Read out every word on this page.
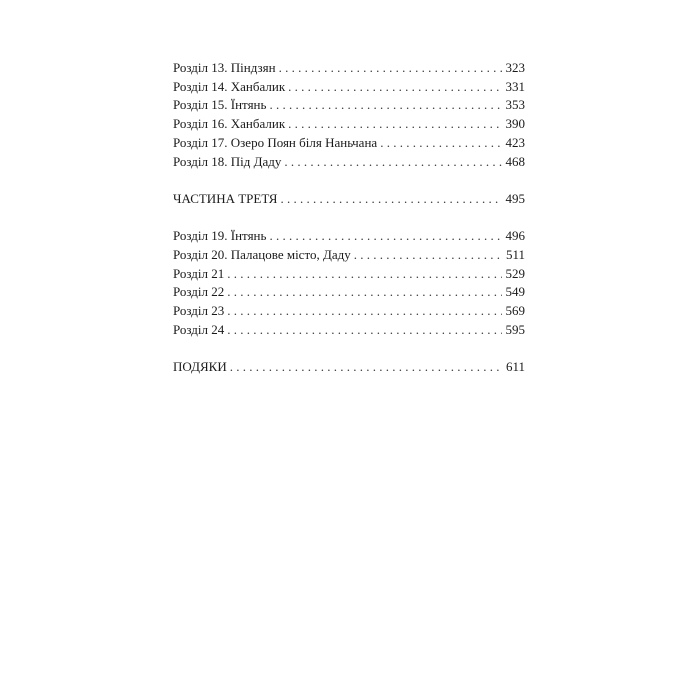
Розділ 13. Піндзян . . .	323
Розділ 14. Ханбалик . . .	331
Розділ 15. Їнтянь . . .	353
Розділ 16. Ханбалик . . .	390
Розділ 17. Озеро Поян біля Наньчана . . .	423
Розділ 18. Під Даду . . .	468
ЧАСТИНА ТРЕТЯ . . .	495
Розділ 19. Їнтянь . . .	496
Розділ 20. Палацове місто, Даду . . .	511
Розділ 21 . . .	529
Розділ 22 . . .	549
Розділ 23 . . .	569
Розділ 24 . . .	595
ПОДЯКИ . . .	611
